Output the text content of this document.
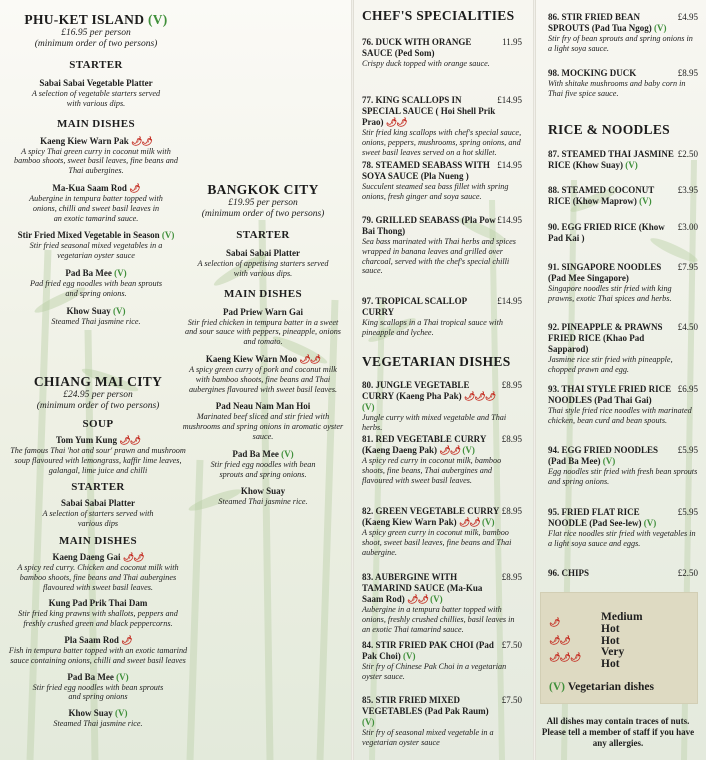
PHU-KET ISLAND (V)
£16.95 per person
(minimum order of two persons)
STARTER
Sabai Sabai Vegetable Platter
A selection of vegetable starters served with various dips.
MAIN DISHES
Kaeng Kiew Warn Pak 🌶🌶
A spicy Thai green curry in coconut milk with bamboo shoots, sweet basil leaves, fine beans and Thai aubergines.
Ma-Kua Saam Rod 🌶
Aubergine in tempura batter topped with onions, chilli and sweet basil leaves in an exotic tamarind sauce.
Stir Fried Mixed Vegetable in Season (V)
Stir fried seasonal mixed vegetables in a vegetarian oyster sauce
Pad Ba Mee (V)
Pad fried egg noodles with bean sprouts and spring onions.
Khow Suay (V)
Steamed Thai jasmine rice.
CHIANG MAI CITY
£24.95 per person
(minimum order of two persons)
SOUP
Tom Yum Kung 🌶🌶
The famous Thai 'hot and sour' prawn and mushroom soup flavoured with lemongrass, kaffir lime leaves, galangal, lime juice and chilli
STARTER
Sabai Sabai Platter
A selection of starters served with various dips
MAIN DISHES
Kaeng Daeng Gai 🌶🌶
A spicy red curry. Chicken and coconut milk with bamboo shoots, fine beans and Thai aubergines flavoured with sweet basil leaves.
Kung Pad Prik Thai Dam
Stir fried king prawns with shallots, peppers and freshly crushed green and black peppercorns.
Pla Saam Rod 🌶
Fish in tempura batter topped with an exotic tamarind sauce containing onions, chilli and sweet basil leaves
Pad Ba Mee (V)
Stir fried egg noodles with bean sprouts and spring onions
Khow Suay (V)
Steamed Thai jasmine rice.
BANGKOK CITY
£19.95 per person
(minimum order of two persons)
STARTER
Sabai Sabai Platter
A selection of appetising starters served with various dips.
MAIN DISHES
Pad Priew Warn Gai
Stir fried chicken in tempura batter in a sweet and sour sauce with peppers, pineapple, onions and tomato.
Kaeng Kiew Warn Moo 🌶🌶
A spicy green curry of pork and coconut milk with bamboo shoots, fine beans and Thai aubergines flavoured with sweet basil leaves.
Pad Neau Nam Man Hoi
Marinated beef sliced and stir fried with mushrooms and spring onions in aromatic oyster sauce.
Pad Ba Mee (V)
Stir fried egg noodles with bean sprouts and spring onions.
Khow Suay
Steamed Thai jasmine rice.
CHEF'S SPECIALITIES
VEGETARIAN DISHES
RICE & NOODLES
🌶	Medium Hot
🌶🌶	Hot
🌶🌶🌶 Very Hot
(V)
Vegetarian dishes
All dishes may contain traces of nuts. Please tell a member of staff if you have any allergies.
76. DUCK WITH ORANGE SAUCE (Ped Som)
11.95
Crispy duck topped with orange sauce.
77. KING SCALLOPS IN SPECIAL SAUCE ( Hoi Shell Prik Prao) 🌶🌶
£14.95
Stir fried king scallops with chef's special sauce, onions, peppers, mushrooms, spring onions, and sweet basil leaves served on a hot skillet.
78. STEAMED SEABASS WITH SOYA SAUCE (Pla Nueng )
£14.95
Succulent steamed sea bass fillet with spring onions, fresh ginger and soya sauce.
79. GRILLED SEABASS (Pla Pow Bai Thong)
£14.95
Sea bass marinated with Thai herbs and spices wrapped in banana leaves and grilled over charcoal, served with the chef's special chilli sauce.
97. TROPICAL SCALLOP CURRY
£14.95
King scallops in a Thai tropical sauce with pineapple and lychee.
80. JUNGLE VEGETABLE CURRY (Kaeng Pha Pak) 🌶🌶🌶 (V)
£8.95
Jungle curry with mixed vegetable and Thai herbs.
81. RED VEGETABLE CURRY (Kaeng Daeng Pak) 🌶🌶 (V)
£8.95
A spicy red curry in coconut milk, bamboo shoots, fine beans, Thai aubergines and flavoured with sweet basil leaves.
82. GREEN VEGETABLE CURRY (Kaeng Kiew Warn Pak) 🌶🌶 (V)
£8.95
A spicy green curry in coconut milk, bamboo shoot, sweet basil leaves, fine beans and Thai aubergine.
83. AUBERGINE WITH TAMARIND SAUCE (Ma-Kua Saam Rod) 🌶🌶 (V)
£8.95
Aubergine in a tempura batter topped with onions, freshly crushed chillies, basil leaves in an exotic Thai tamarind sauce.
84. STIR FRIED PAK CHOI (Pad Pak Choi) (V)
£7.50
Stir fry of Chinese Pak Choi in a vegetarian oyster sauce.
85. STIR FRIED MIXED VEGETABLES (Pad Pak Raum) (V)
£7.50
Stir fry of seasonal mixed vegetable in a vegetarian oyster sauce
86. STIR FRIED BEAN SPROUTS (Pad Tua Ngog) (V)
£4.95
Stir fry of bean sprouts and spring onions in a light soya sauce.
98. MOCKING DUCK	£8.95
With shitake mushrooms and baby corn in Thai five spice sauce.
87. STEAMED THAI JASMINE RICE (Khow Suay) (V)
£2.50
88. STEAMED COCONUT RICE (Khow Maprow) (V)
£3.95
90. EGG FRIED RICE (Khow Pad Kai )
£3.00
91. SINGAPORE NOODLES (Pad Mee Singapore)
£7.95
Singapore noodles stir fried with king prawns, exotic Thai spices and herbs.
92. PINEAPPLE & PRAWNS FRIED RICE (Khao Pad Sapparod)
£4.50
Jasmine rice stir fried with pineapple, chopped prawn and egg.
93. THAI STYLE FRIED RICE NOODLES (Pad Thai Gai)
£6.95
Thai style fried rice noodles with marinated chicken, bean curd and bean spouts.
94. EGG FRIED NOODLES (Pad Ba Mee) (V)
£5.95
Egg noodles stir fried with fresh bean sprouts and spring onions.
95. FRIED FLAT RICE NOODLE (Pad See-lew) (V)
£5.95
Flat rice noodles stir fried with vegetables in a light soya sauce and eggs.
96. CHIPS	£2.50
